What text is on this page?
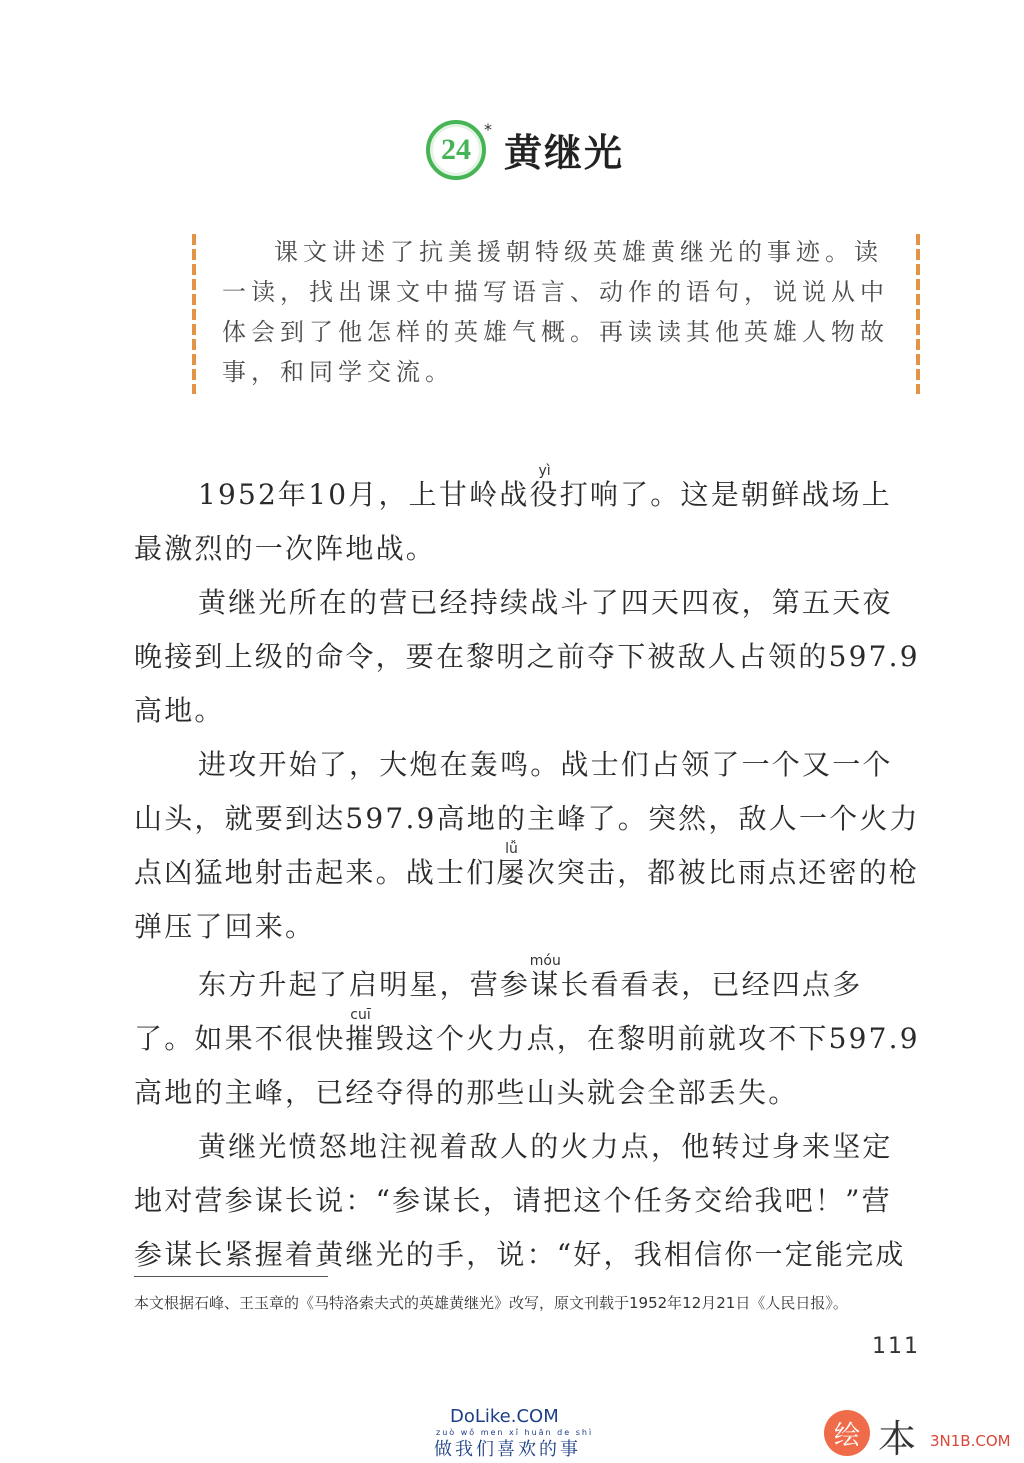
24
*
黄继光

课文讲述了抗美援朝特级英雄黄继光的事迹。读一读，找出课文中描写语言、动作的语句，说说从中体会到了他怎样的英雄气概。再读读其他英雄人物故事，和同学交流。

1952年10月，上甘岭战役yì打响了。这是朝鲜战场上最激烈的一次阵地战。

黄继光所在的营已经持续战斗了四天四夜，第五天夜晚接到上级的命令，要在黎明之前夺下被敌人占领的597.9高地。

进攻开始了，大炮在轰鸣。战士们占领了一个又一个山头，就要到达597.9高地的主峰了。突然，敌人一个火力点凶猛地射击起来。战士们屡lǚ次突击，都被比雨点还密的枪弹压了回来。

东方升起了启明星，营参谋móu长看看表，已经四点多了。如果不很快摧cuī毁这个火力点，在黎明前就攻不下597.9高地的主峰，已经夺得的那些山头就会全部丢失。

黄继光愤怒地注视着敌人的火力点，他转过身来坚定地对营参谋长说：“参谋长，请把这个任务交给我吧！”营参谋长紧握着黄继光的手，说：“好，我相信你一定能完成

本文根据石峰、王玉章的《马特洛索夫式的英雄黄继光》改写，原文刊载于1952年12月21日《人民日报》。

111
DoLike.COM
zuò wǒ men xǐ huān de shì
做我们喜欢的事	绘 本 3N1B.COM
